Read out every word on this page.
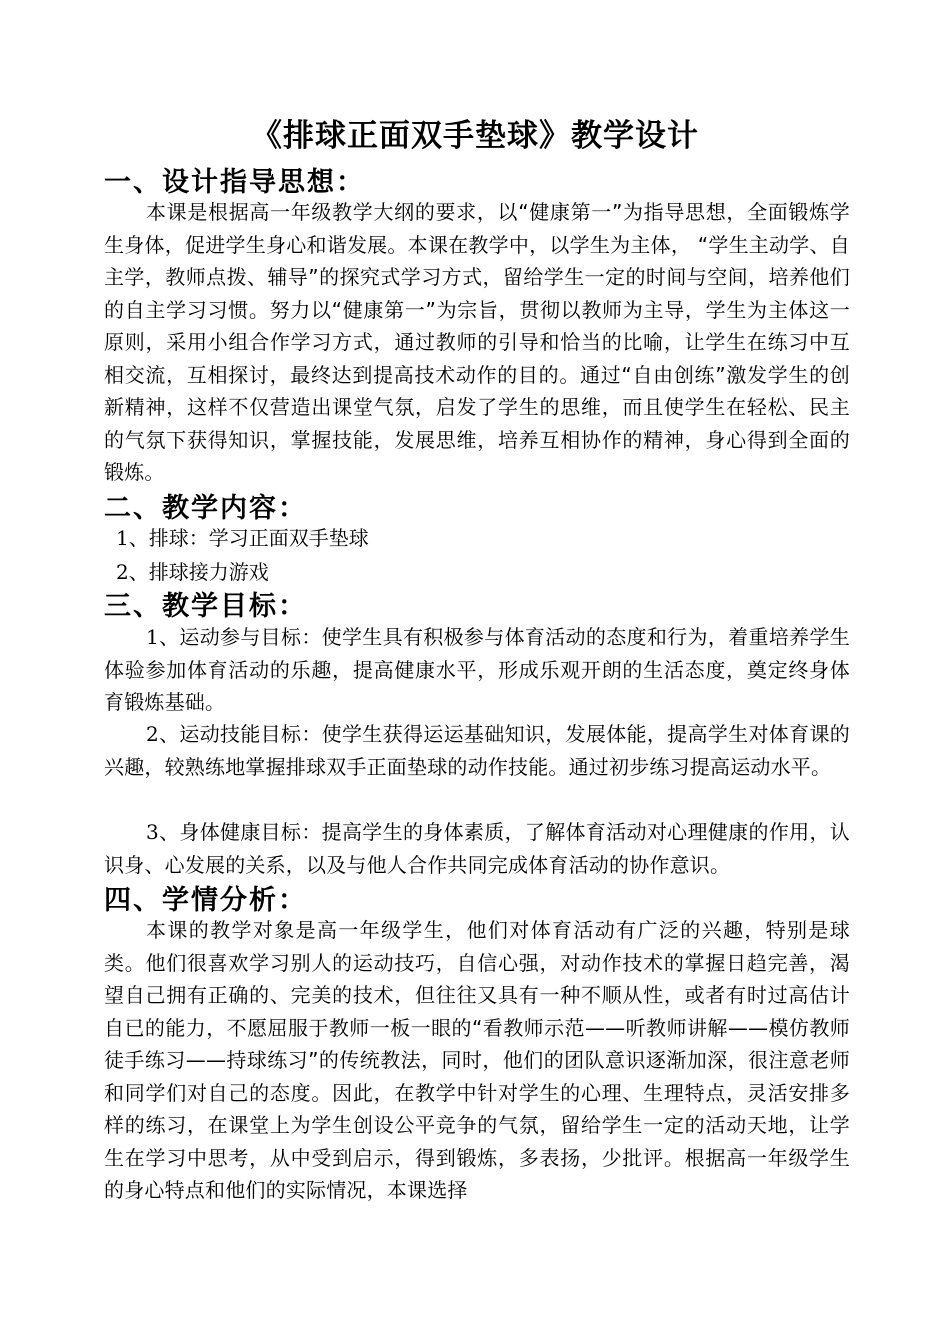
《排球正面双手垫球》教学设计
一、设计指导思想：

本课是根据高一年级教学大纲的要求，以“健康第一”为指导思想，全面锻炼学生身体，促进学生身心和谐发展。本课在教学中，以学生为主体， “学生主动学、自主学，教师点拨、辅导”的探究式学习方式，留给学生一定的时间与空间，培养他们的自主学习习惯。努力以“健康第一”为宗旨，贯彻以教师为主导，学生为主体这一原则，采用小组合作学习方式，通过教师的引导和恰当的比喻，让学生在练习中互相交流，互相探讨，最终达到提高技术动作的目的。通过“自由创练”激发学生的创新精神，这样不仅营造出课堂气氛，启发了学生的思维，而且使学生在轻松、民主的气氛下获得知识，掌握技能，发展思维，培养互相协作的精神，身心得到全面的锻炼。

二、教学内容：
1、排球：学习正面双手垫球
2、排球接力游戏
三、教学目标：

1、运动参与目标：使学生具有积极参与体育活动的态度和行为，着重培养学生体验参加体育活动的乐趣，提高健康水平，形成乐观开朗的生活态度，奠定终身体育锻炼基础。

2、运动技能目标：使学生获得运运基础知识，发展体能，提高学生对体育课的兴趣，较熟练地掌握排球双手正面垫球的动作技能。通过初步练习提高运动水平。

3、身体健康目标：提高学生的身体素质，了解体育活动对心理健康的作用，认识身、心发展的关系，以及与他人合作共同完成体育活动的协作意识。

四、学情分析：

本课的教学对象是高一年级学生，他们对体育活动有广泛的兴趣，特别是球类。他们很喜欢学习别人的运动技巧，自信心强，对动作技术的掌握日趋完善，渴望自己拥有正确的、完美的技术，但往往又具有一种不顺从性，或者有时过高估计自已的能力，不愿屈服于教师一板一眼的“看教师示范——听教师讲解——模仿教师徒手练习——持球练习”的传统教法，同时，他们的团队意识逐渐加深，很注意老师和同学们对自己的态度。因此，在教学中针对学生的心理、生理特点，灵活安排多样的练习，在课堂上为学生创设公平竞争的气氛，留给学生一定的活动天地，让学生在学习中思考，从中受到启示，得到锻炼，多表扬，少批评。根据高一年级学生的身心特点和他们的实际情况，本课选择
